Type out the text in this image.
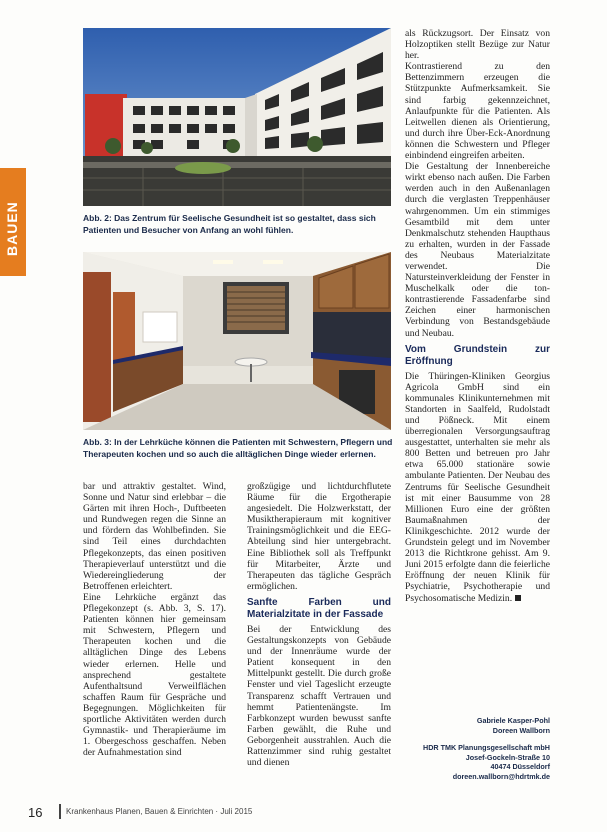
BAUEN	Abb. 2: Das Zentrum für Seelische Gesundheit ist so gestaltet, dass sich Patienten und Besucher von Anfang an wohl fühlen.
Abb. 3: In der Lehrküche können die Patienten mit Schwestern, Pflegern und Therapeuten kochen und so auch die alltäglichen Dinge wieder erlernen.

bar und attraktiv gestaltet. Wind, Sonne und Natur sind erlebbar – die Gärten mit ihren Hoch-, Duftbeeten und Rundwegen regen die Sinne an und fördern das Wohlbefinden. Sie sind Teil eines durchdachten Pflegekonzepts, das einen positiven Therapieverlauf unterstützt und die Wiedereingliederung der Betroffenen erleichtert.

Eine Lehrküche ergänzt das Pflegekonzept (s. Abb. 3, S. 17). Patienten können hier gemeinsam mit Schwestern, Pflegern und Therapeuten kochen und die alltäglichen Dinge des Lebens wieder erlernen. Helle und ansprechend gestaltete Aufenthaltsund Verweilflächen schaffen Raum für Gespräche und Begegnungen. Möglichkeiten für sportliche Aktivitäten werden durch Gymnastik- und Therapieräume im 1. Obergeschoss geschaffen. Neben der Aufnahmestation sind

großzügige und lichtdurchflutete Räume für die Ergotherapie angesiedelt. Die Holzwerkstatt, der Musiktherapieraum mit kognitiver Trainingsmöglichkeit und die EEG-Abteilung sind hier untergebracht. Eine Bibliothek soll als Treffpunkt für Mitarbeiter, Ärzte und Therapeuten das tägliche Gespräch ermöglichen.

Sanfte Farben und Materialzitate in der Fassade

Bei der Entwicklung des Gestaltungskonzepts von Gebäude und der Innenräume wurde der Patient konsequent in den Mittelpunkt gestellt. Die durch große Fenster und viel Tageslicht erzeugte Transparenz schafft Vertrauen und hemmt Patientenängste. Im Farbkonzept wurden bewusst sanfte Farben gewählt, die Ruhe und Geborgenheit ausstrahlen. Auch die Rattenzimmer sind ruhig gestaltet und dienen

als Rückzugsort. Der Einsatz von Holzoptiken stellt Bezüge zur Natur her.

Kontrastierend zu den Bettenzimmern erzeugen die Stützpunkte Aufmerksamkeit. Sie sind farbig gekennzeichnet, Anlaufpunkte für die Patienten. Als Leitwellen dienen als Orientierung, und durch ihre Über-Eck-Anordnung können die Schwestern und Pfleger einbindend eingreifen arbeiten.

Die Gestaltung der Innenbereiche wirkt ebenso nach außen. Die Farben werden auch in den Außenanlagen durch die verglasten Treppenhäuser wahrgenommen. Um ein stimmiges Gesamtbild mit dem unter Denkmalschutz stehenden Haupthaus zu erhalten, wurden in der Fassade des Neubaus Materialzitate verwendet. Die Natursteinverkleidung der Fenster in Muschelkalk oder die ton-kontrastierende Fassadenfarbe sind Zeichen einer harmonischen Verbindung von Bestandsgebäude und Neubau.

Vom Grundstein zur Eröffnung

Die Thüringen-Kliniken Georgius Agricola GmbH sind ein kommunales Klinikunternehmen mit Standorten in Saalfeld, Rudolstadt und Pößneck. Mit einem überregionalen Versorgungsauftrag ausgestattet, unterhalten sie mehr als 800 Betten und betreuen pro Jahr etwa 65.000 stationäre sowie ambulante Patienten. Der Neubau des Zentrums für Seelische Gesundheit ist mit einer Bausumme von 28 Millionen Euro eine der größten Baumaßnahmen der Klinikgeschichte. 2012 wurde der Grundstein gelegt und im November 2013 die Richtkrone gehisst. Am 9. Juni 2015 erfolgte dann die feierliche Eröffnung der neuen Klinik für Psychiatrie, Psychotherapie und Psychosomatische Medizin.

Gabriele Kasper-Pohl
Doreen Wallborn
HDR TMK Planungsgesellschaft mbH
Josef-Gockeln-Straße 10
40474 Düsseldorf
doreen.wallborn@hdrtmk.de
16	Krankenhaus Planen, Bauen & Einrichten · Juli 2015
